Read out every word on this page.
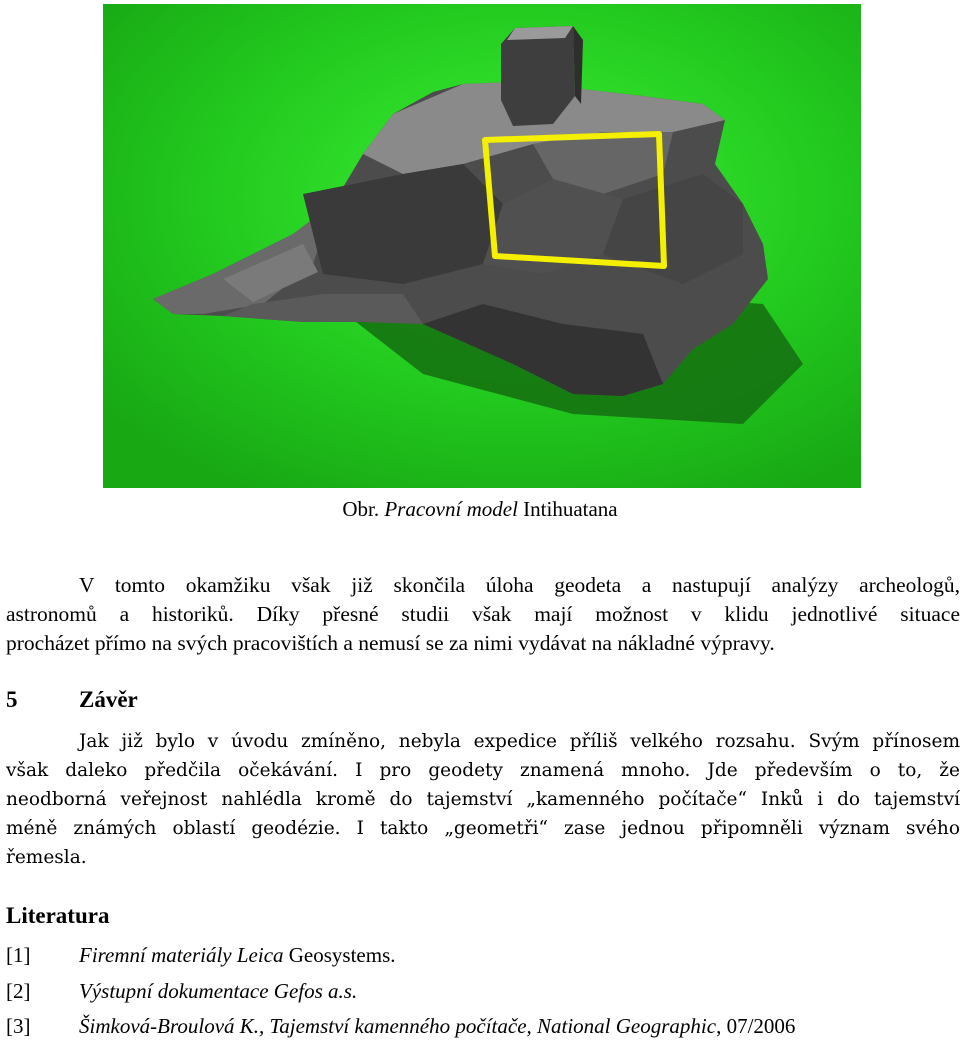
Obr. Pracovní model Intihuatana
V tomto okamžiku však již skončila úloha geodeta a nastupují analýzy archeologů,
astronomů a historiků. Díky přesné studii však mají možnost v klidu jednotlivé situace
procházet přímo na svých pracovištích a nemusí se za nimi vydávat na nákladné výpravy.
5	Závěr
Jak již bylo v úvodu zmíněno, nebyla expedice příliš velkého rozsahu. Svým přínosem
však daleko předčila očekávání. I pro geodety znamená mnoho. Jde především o to, že
neodborná veřejnost nahlédla kromě do tajemství „kamenného počítače“ Inků i do tajemství
méně známých oblastí geodézie. I takto „geometři“ zase jednou připomněli význam svého
řemesla.
Literatura
[1] Firemní materiály Leica Geosystems.
[2] Výstupní dokumentace Gefos a.s.
[3] Šimková-Broulová K., Tajemství kamenného počítače, National Geographic, 07/2006
